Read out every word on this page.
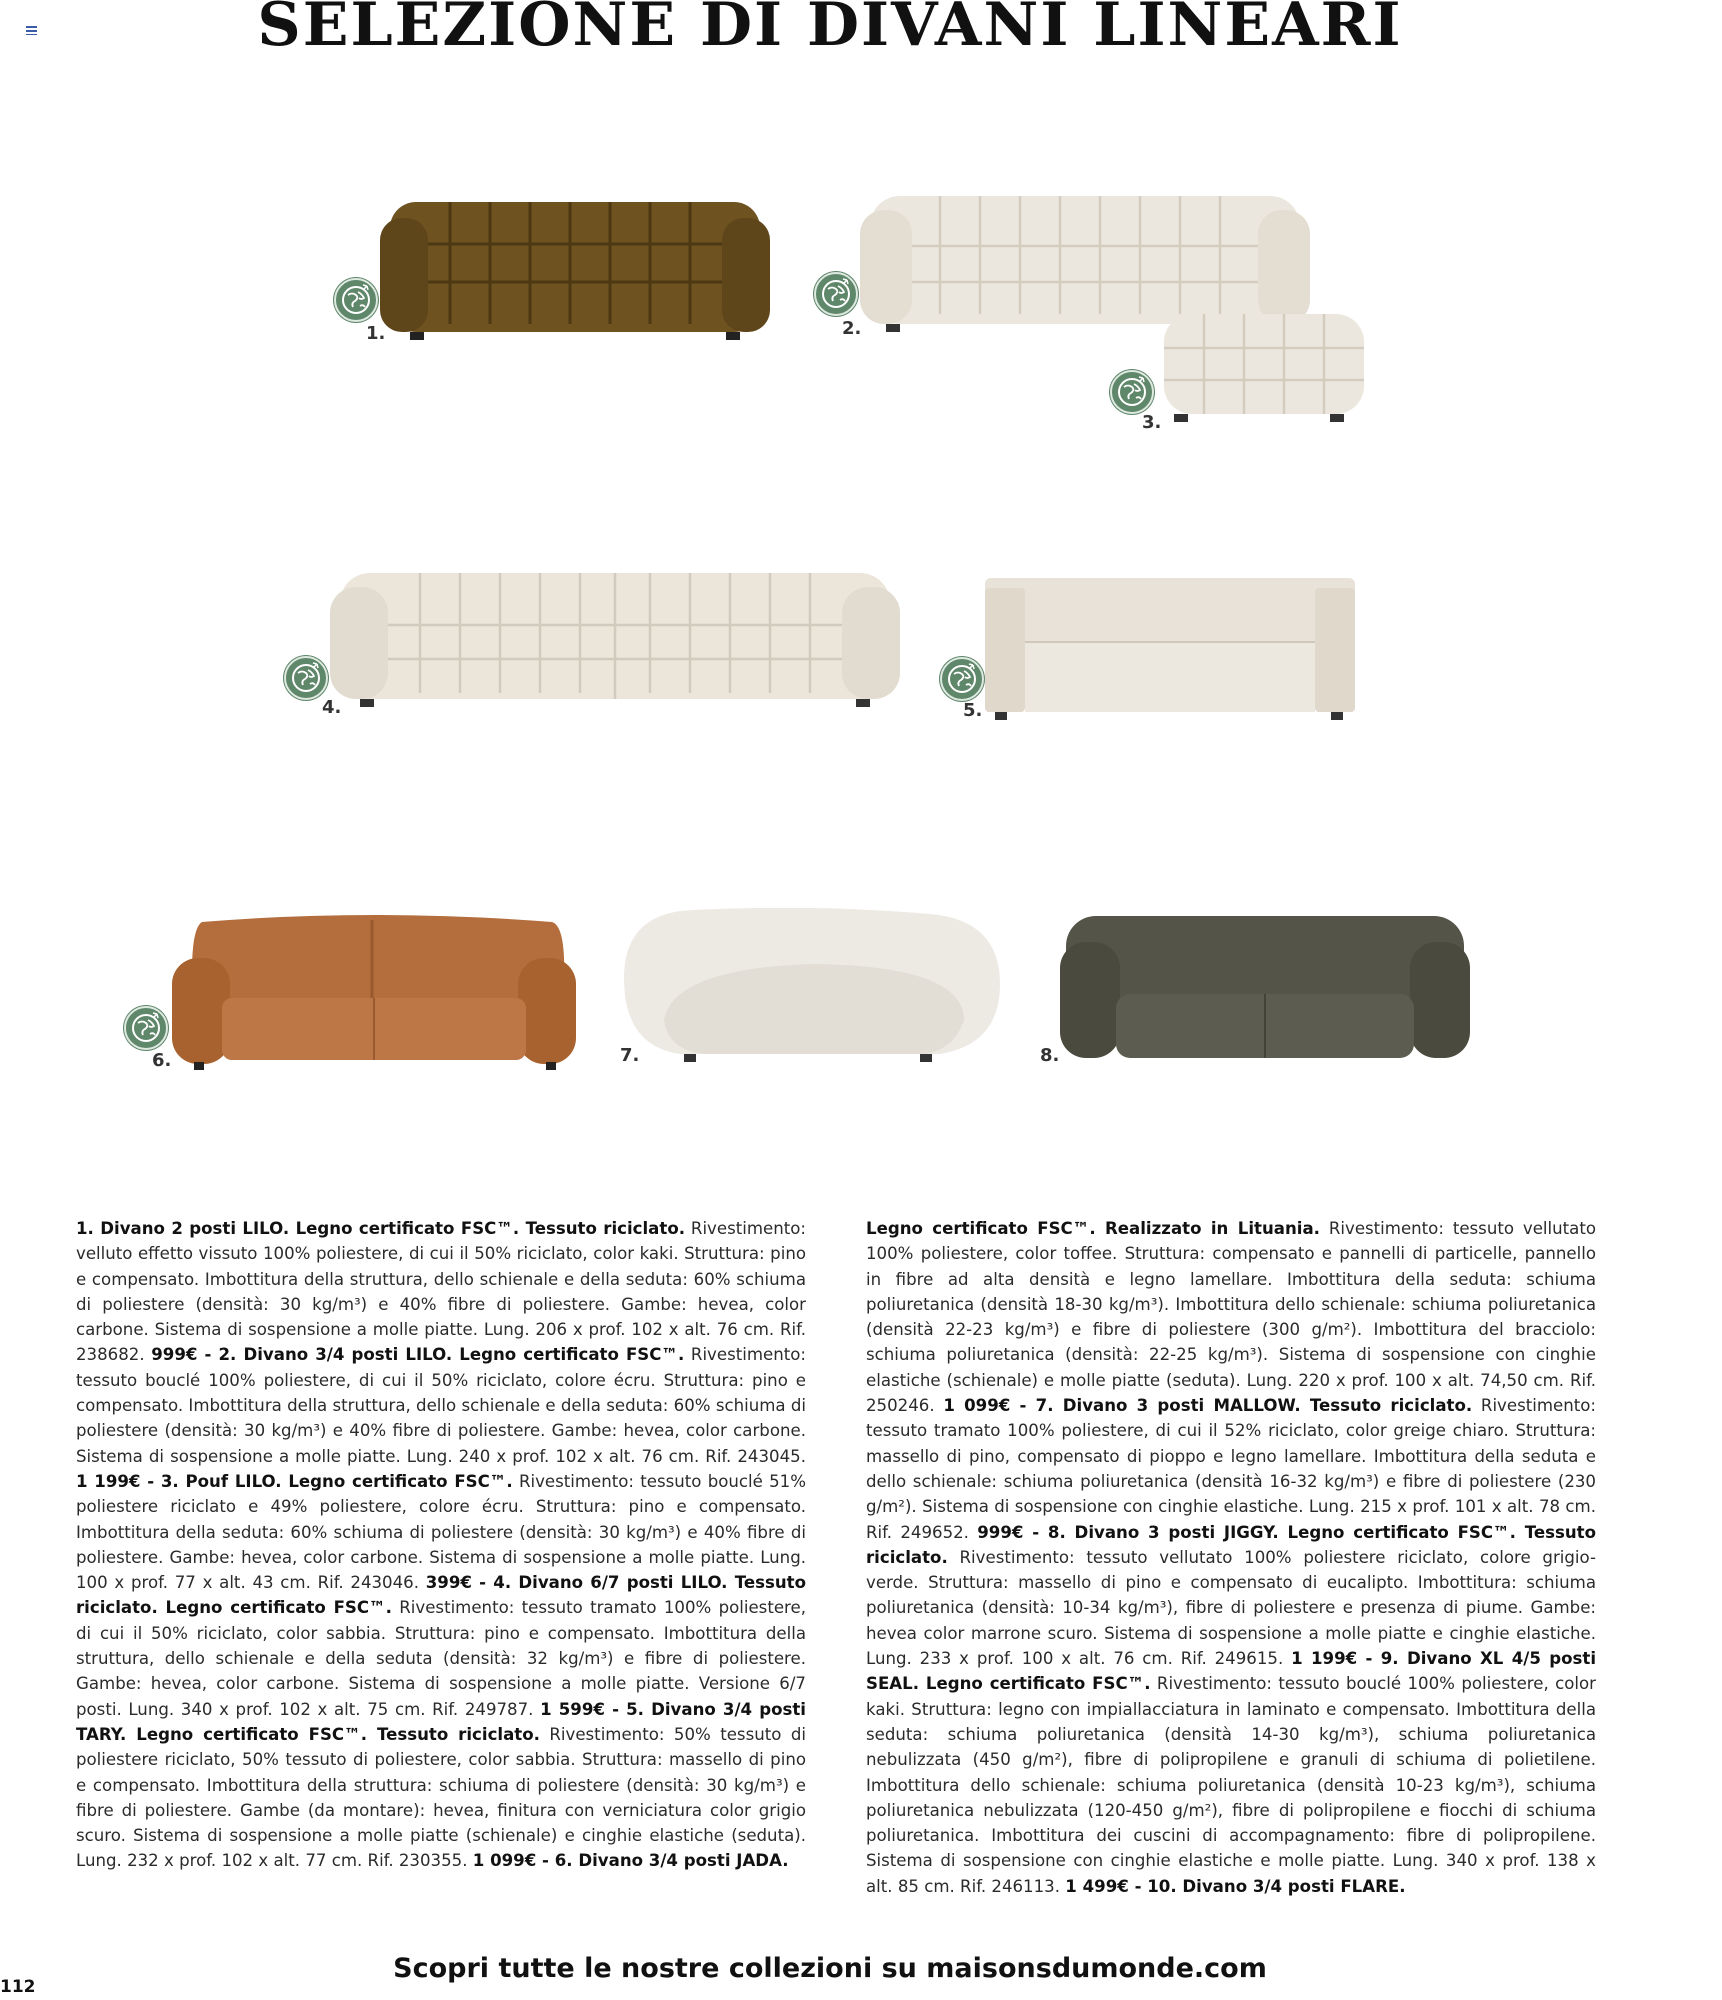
SELEZIONE DI DIVANI LINEARI
1.	2.
3.
4.	5.
6.	7.	8.
1. Divano 2 posti LILO. Legno certificato FSC™. Tessuto riciclato. Rivestimento: velluto effetto vissuto 100% poliestere, di cui il 50% riciclato, color kaki. Struttura: pino e compensato. Imbottitura della struttura, dello schienale e della seduta: 60% schiuma di poliestere (densità: 30 kg/m³) e 40% fibre di poliestere. Gambe: hevea, color carbone. Sistema di sospensione a molle piatte. Lung. 206 x prof. 102 x alt. 76 cm. Rif. 238682. 999€ - 2. Divano 3/4 posti LILO. Legno certificato FSC™. Rivestimento: tessuto bouclé 100% poliestere, di cui il 50% riciclato, colore écru. Struttura: pino e compensato. Imbottitura della struttura, dello schienale e della seduta: 60% schiuma di poliestere (densità: 30 kg/m³) e 40% fibre di poliestere. Gambe: hevea, color carbone. Sistema di sospensione a molle piatte. Lung. 240 x prof. 102 x alt. 76 cm. Rif. 243045. 1 199€ - 3. Pouf LILO. Legno certificato FSC™. Rivestimento: tessuto bouclé 51% poliestere riciclato e 49% poliestere, colore écru. Struttura: pino e compensato. Imbottitura della seduta: 60% schiuma di poliestere (densità: 30 kg/m³) e 40% fibre di poliestere. Gambe: hevea, color carbone. Sistema di sospensione a molle piatte. Lung. 100 x prof. 77 x alt. 43 cm. Rif. 243046. 399€ - 4. Divano 6/7 posti LILO. Tessuto riciclato. Legno certificato FSC™. Rivestimento: tessuto tramato 100% poliestere, di cui il 50% riciclato, color sabbia. Struttura: pino e compensato. Imbottitura della struttura, dello schienale e della seduta (densità: 32 kg/m³) e fibre di poliestere. Gambe: hevea, color carbone. Sistema di sospensione a molle piatte. Versione 6/7 posti. Lung. 340 x prof. 102 x alt. 75 cm. Rif. 249787. 1 599€ - 5. Divano 3/4 posti TARY. Legno certificato FSC™. Tessuto riciclato. Rivestimento: 50% tessuto di poliestere riciclato, 50% tessuto di poliestere, color sabbia. Struttura: massello di pino e compensato. Imbottitura della struttura: schiuma di poliestere (densità: 30 kg/m³) e fibre di poliestere. Gambe (da montare): hevea, finitura con verniciatura color grigio scuro. Sistema di sospensione a molle piatte (schienale) e cinghie elastiche (seduta). Lung. 232 x prof. 102 x alt. 77 cm. Rif. 230355. 1 099€ - 6. Divano 3/4 posti JADA.
Legno certificato FSC™. Realizzato in Lituania. Rivestimento: tessuto vellutato 100% poliestere, color toffee. Struttura: compensato e pannelli di particelle, pannello in fibre ad alta densità e legno lamellare. Imbottitura della seduta: schiuma poliuretanica (densità 18-30 kg/m³). Imbottitura dello schienale: schiuma poliuretanica (densità 22-23 kg/m³) e fibre di poliestere (300 g/m²). Imbottitura del bracciolo: schiuma poliuretanica (densità: 22-25 kg/m³). Sistema di sospensione con cinghie elastiche (schienale) e molle piatte (seduta). Lung. 220 x prof. 100 x alt. 74,50 cm. Rif. 250246. 1 099€ - 7. Divano 3 posti MALLOW. Tessuto riciclato. Rivestimento: tessuto tramato 100% poliestere, di cui il 52% riciclato, color greige chiaro. Struttura: massello di pino, compensato di pioppo e legno lamellare. Imbottitura della seduta e dello schienale: schiuma poliuretanica (densità 16-32 kg/m³) e fibre di poliestere (230 g/m²). Sistema di sospensione con cinghie elastiche. Lung. 215 x prof. 101 x alt. 78 cm. Rif. 249652. 999€ - 8. Divano 3 posti JIGGY. Legno certificato FSC™. Tessuto riciclato. Rivestimento: tessuto vellutato 100% poliestere riciclato, colore grigio-verde. Struttura: massello di pino e compensato di eucalipto. Imbottitura: schiuma poliuretanica (densità: 10-34 kg/m³), fibre di poliestere e presenza di piume. Gambe: hevea color marrone scuro. Sistema di sospensione a molle piatte e cinghie elastiche. Lung. 233 x prof. 100 x alt. 76 cm. Rif. 249615. 1 199€ - 9. Divano XL 4/5 posti SEAL. Legno certificato FSC™. Rivestimento: tessuto bouclé 100% poliestere, color kaki. Struttura: legno con impiallacciatura in laminato e compensato. Imbottitura della seduta: schiuma poliuretanica (densità 14-30 kg/m³), schiuma poliuretanica nebulizzata (450 g/m²), fibre di polipropilene e granuli di schiuma di polietilene. Imbottitura dello schienale: schiuma poliuretanica (densità 10-23 kg/m³), schiuma poliuretanica nebulizzata (120-450 g/m²), fibre di polipropilene e fiocchi di schiuma poliuretanica. Imbottitura dei cuscini di accompagnamento: fibre di polipropilene. Sistema di sospensione con cinghie elastiche e molle piatte. Lung. 340 x prof. 138 x alt. 85 cm. Rif. 246113. 1 499€ - 10. Divano 3/4 posti FLARE.
Scopri tutte le nostre collezioni su maisonsdumonde.com
112
